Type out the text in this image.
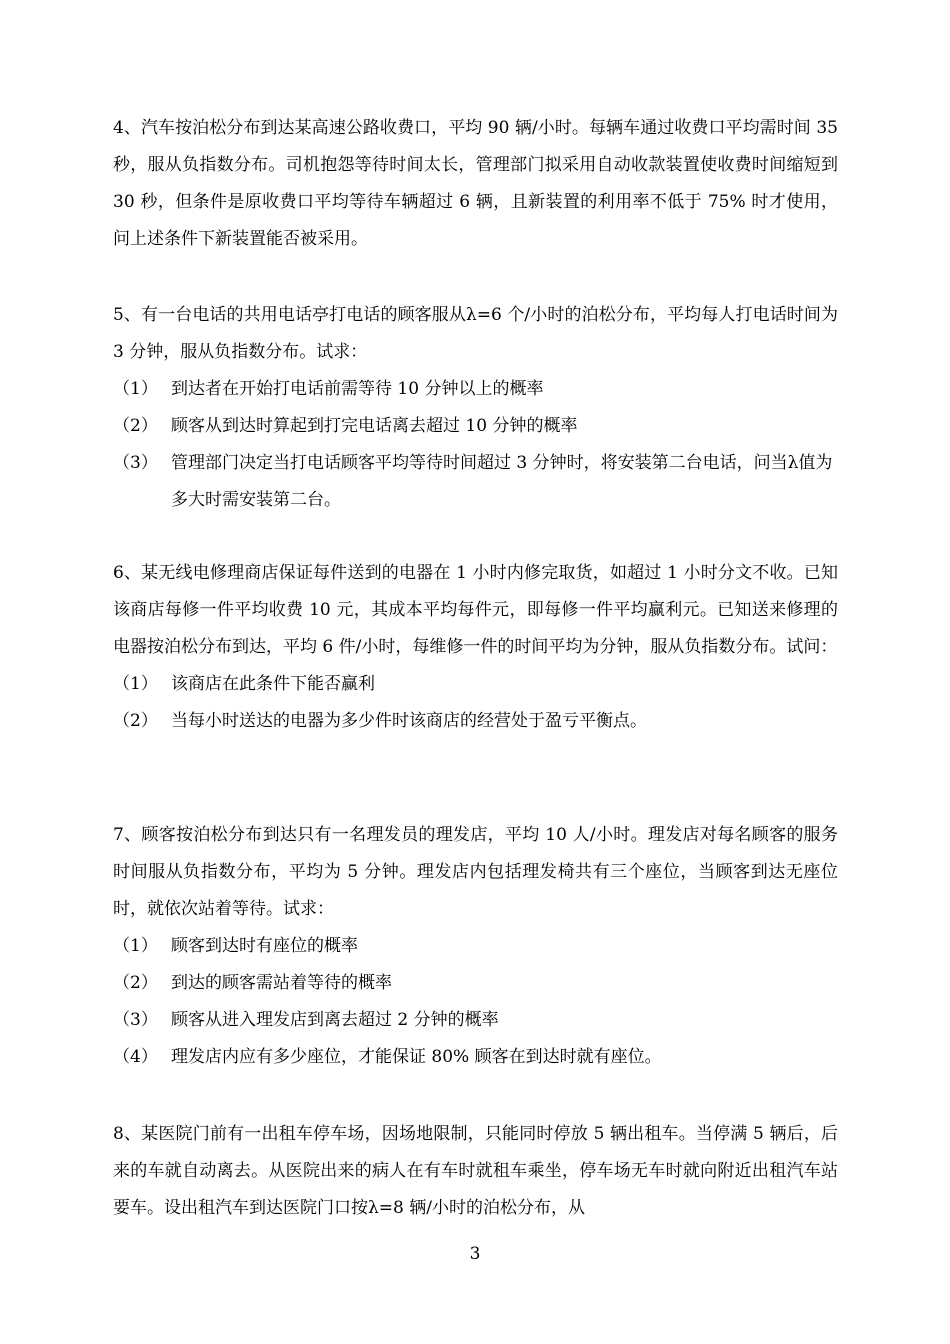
4、汽车按泊松分布到达某高速公路收费口，平均 90 辆/小时。每辆车通过收费口平均需时间 35 秒，服从负指数分布。司机抱怨等待时间太长，管理部门拟采用自动收款装置使收费时间缩短到 30 秒，但条件是原收费口平均等待车辆超过 6 辆，且新装置的利用率不低于 75% 时才使用，问上述条件下新装置能否被采用。

5、有一台电话的共用电话亭打电话的顾客服从λ=6 个/小时的泊松分布，平均每人打电话时间为 3 分钟，服从负指数分布。试求：

（1） 到达者在开始打电话前需等待 10 分钟以上的概率
（2） 顾客从到达时算起到打完电话离去超过 10 分钟的概率
（3） 管理部门决定当打电话顾客平均等待时间超过 3 分钟时，将安装第二台电话，问当λ值为多大时需安装第二台。

6、某无线电修理商店保证每件送到的电器在 1 小时内修完取货，如超过 1 小时分文不收。已知该商店每修一件平均收费 10 元，其成本平均每件元，即每修一件平均赢利元。已知送来修理的电器按泊松分布到达，平均 6 件/小时，每维修一件的时间平均为分钟，服从负指数分布。试问：

（1） 该商店在此条件下能否赢利
（2） 当每小时送达的电器为多少件时该商店的经营处于盈亏平衡点。

7、顾客按泊松分布到达只有一名理发员的理发店，平均 10 人/小时。理发店对每名顾客的服务时间服从负指数分布，平均为 5 分钟。理发店内包括理发椅共有三个座位，当顾客到达无座位时，就依次站着等待。试求：

（1） 顾客到达时有座位的概率
（2） 到达的顾客需站着等待的概率
（3） 顾客从进入理发店到离去超过 2 分钟的概率
（4） 理发店内应有多少座位，才能保证 80% 顾客在到达时就有座位。

8、某医院门前有一出租车停车场，因场地限制，只能同时停放 5 辆出租车。当停满 5 辆后，后来的车就自动离去。从医院出来的病人在有车时就租车乘坐，停车场无车时就向附近出租汽车站要车。设出租汽车到达医院门口按λ=8 辆/小时的泊松分布，从

3
